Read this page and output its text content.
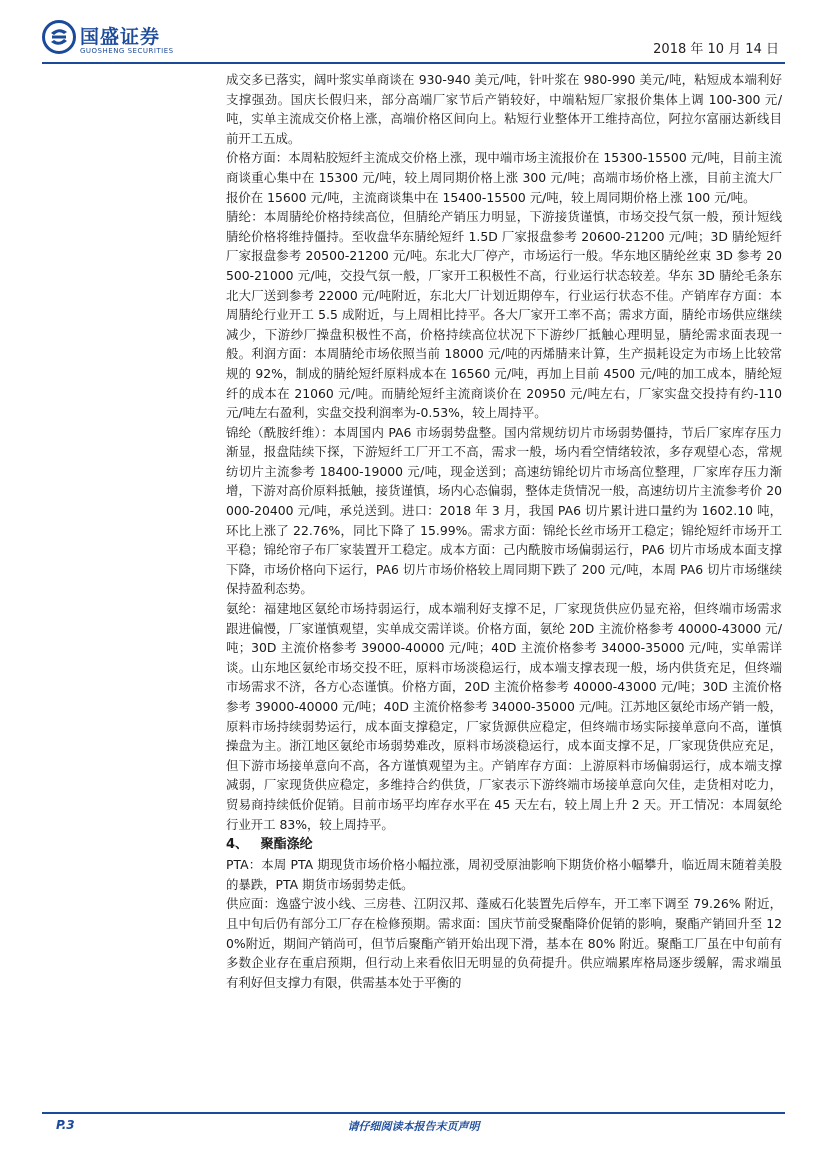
国盛证券
GUOSHENG SECURITIES	2018 年 10 月 14 日

成交多已落实，阔叶浆实单商谈在 930-940 美元/吨，针叶浆在 980-990 美元/吨，粘短成本端利好支撑强劲。国庆长假归来，部分高端厂家节后产销较好，中端粘短厂家报价集体上调 100-300 元/吨，实单主流成交价格上涨，高端价格区间向上。粘短行业整体开工维持高位，阿拉尔富丽达新线目前开工五成。

价格方面：本周粘胶短纤主流成交价格上涨，现中端市场主流报价在 15300-15500 元/吨，目前主流商谈重心集中在 15300 元/吨，较上周同期价格上涨 300 元/吨；高端市场价格上涨，目前主流大厂报价在 15600 元/吨，主流商谈集中在 15400-15500 元/吨，较上周同期价格上涨 100 元/吨。

腈纶：本周腈纶价格持续高位，但腈纶产销压力明显，下游接货谨慎，市场交投气氛一般，预计短线腈纶价格将维持僵持。至收盘华东腈纶短纤 1.5D 厂家报盘参考 20600-21200 元/吨；3D 腈纶短纤厂家报盘参考 20500-21200 元/吨。东北大厂停产，市场运行一般。华东地区腈纶丝束 3D 参考 20500-21000 元/吨，交投气氛一般，厂家开工积极性不高，行业运行状态较差。华东 3D 腈纶毛条东北大厂送到参考 22000 元/吨附近，东北大厂计划近期停车，行业运行状态不佳。产销库存方面：本周腈纶行业开工 5.5 成附近，与上周相比持平。各大厂家开工率不高；需求方面，腈纶市场供应继续减少，下游纱厂操盘积极性不高，价格持续高位状况下下游纱厂抵触心理明显，腈纶需求面表现一般。利润方面：本周腈纶市场依照当前 18000 元/吨的丙烯腈来计算，生产损耗设定为市场上比较常规的 92%，制成的腈纶短纤原料成本在 16560 元/吨，再加上目前 4500 元/吨的加工成本，腈纶短纤的成本在 21060 元/吨。而腈纶短纤主流商谈价在 20950 元/吨左右，厂家实盘交投持有约-110 元/吨左右盈利，实盘交投利润率为-0.53%，较上周持平。

锦纶（酰胺纤维）：本周国内 PA6 市场弱势盘整。国内常规纺切片市场弱势僵持，节后厂家库存压力渐显，报盘陆续下探，下游短纤工厂开工不高，需求一般，场内看空情绪较浓，多存观望心态，常规纺切片主流参考 18400-19000 元/吨，现金送到；高速纺锦纶切片市场高位整理，厂家库存压力渐增，下游对高价原料抵触，接货谨慎，场内心态偏弱，整体走货情况一般，高速纺切片主流参考价 20000-20400 元/吨，承兑送到。进口：2018 年 3 月，我国 PA6 切片累计进口量约为 1602.10 吨，环比上涨了 22.76%，同比下降了 15.99%。需求方面：锦纶长丝市场开工稳定；锦纶短纤市场开工平稳；锦纶帘子布厂家装置开工稳定。成本方面：己内酰胺市场偏弱运行，PA6 切片市场成本面支撑下降，市场价格向下运行，PA6 切片市场价格较上周同期下跌了 200 元/吨，本周 PA6 切片市场继续保持盈利态势。

氨纶：福建地区氨纶市场持弱运行，成本端利好支撑不足，厂家现货供应仍显充裕，但终端市场需求跟进偏慢，厂家谨慎观望，实单成交需详谈。价格方面，氨纶 20D 主流价格参考 40000-43000 元/吨；30D 主流价格参考 39000-40000 元/吨；40D 主流价格参考 34000-35000 元/吨，实单需详谈。山东地区氨纶市场交投不旺，原料市场淡稳运行，成本端支撑表现一般，场内供货充足，但终端市场需求不济，各方心态谨慎。价格方面，20D 主流价格参考 40000-43000 元/吨；30D 主流价格参考 39000-40000 元/吨；40D 主流价格参考 34000-35000 元/吨。江苏地区氨纶市场产销一般，原料市场持续弱势运行，成本面支撑稳定，厂家货源供应稳定，但终端市场实际接单意向不高，谨慎操盘为主。浙江地区氨纶市场弱势难改，原料市场淡稳运行，成本面支撑不足，厂家现货供应充足，但下游市场接单意向不高，各方谨慎观望为主。产销库存方面：上游原料市场偏弱运行，成本端支撑减弱，厂家现货供应稳定，多维持合约供货，厂家表示下游终端市场接单意向欠佳，走货相对吃力，贸易商持续低价促销。目前市场平均库存水平在 45 天左右，较上周上升 2 天。开工情况：本周氨纶行业开工 83%，较上周持平。

4、 聚酯涤纶

PTA：本周 PTA 期现货市场价格小幅拉涨，周初受原油影响下期货价格小幅攀升，临近周末随着美股的暴跌，PTA 期货市场弱势走低。

供应面：逸盛宁波小线、三房巷、江阴汉邦、蓬威石化装置先后停车，开工率下调至 79.26% 附近，且中旬后仍有部分工厂存在检修预期。需求面：国庆节前受聚酯降价促销的影响，聚酯产销回升至 120%附近，期间产销尚可，但节后聚酯产销开始出现下滑，基本在 80% 附近。聚酯工厂虽在中旬前有多数企业存在重启预期，但行动上来看依旧无明显的负荷提升。供应端累库格局逐步缓解，需求端虽有利好但支撑力有限，供需基本处于平衡的

P.3	请仔细阅读本报告末页声明
